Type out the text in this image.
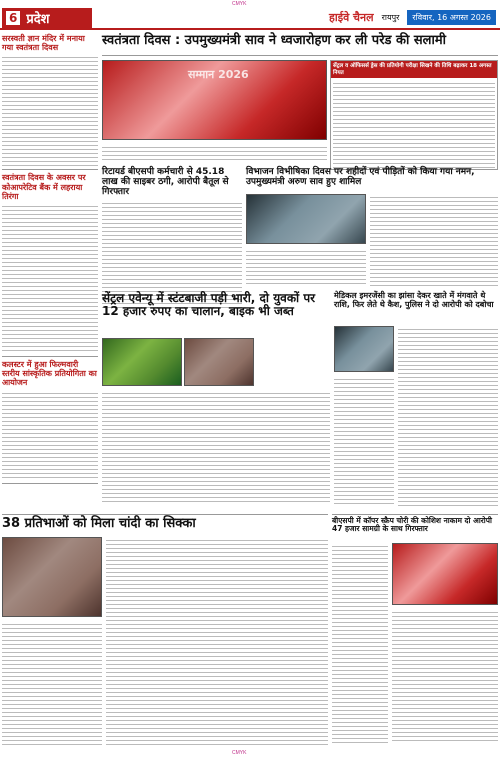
CMYK
6 प्रदेश	हाईवे चैनल रायपुर	रविवार, 16 अगस्त 2026
सरस्वती ज्ञान मंदिर में मनाया गया स्वतंत्रता दिवस
स्वतंत्रता दिवस के अवसर पर कोआपरेटिव बैंक में लहराया तिरंगा
कलस्टर में हुआ फिल्मवारी स्तरीय सांस्कृतिक प्रतियोगिता का आयोजन
स्वतंत्रता दिवस : उपमुख्यमंत्री साव ने ध्वजारोहण कर ली परेड की सलामी
सम्मान 2026
सेंट्रल व ऑफिसर्स ड्रेस की प्रतियोगी परीक्षा सिखने की तिथि बढ़ाकर 18 अगस्त नियत
रिटायर्ड बीएसपी कर्मचारी से 45.18 लाख की साइबर ठगी, आरोपी बैतूल से गिरफ्तार
विभाजन विभीषिका दिवस पर शहीदों एवं पीड़ितों को किया गया नमन, उपमुख्यमंत्री अरुण साव हुए शामिल
सेंट्रल एवेन्यू में स्टंटबाजी पड़ी भारी, दो युवकों पर 12 हजार रुपए का चालान, बाइक भी जब्त
मेडिकल इमरजेंसी का झांसा देकर खाते में मंगवाते थे राशि, फिर लेते थे कैश, पुलिस ने दो आरोपी को दबोचा
38 प्रतिभाओं को मिला चांदी का सिक्का	बीएसपी में कॉपर स्क्रैप चोरी की कोशिश नाकाम दो आरोपी 47 हजार सामग्री के साथ गिरफ्तार
CMYK
